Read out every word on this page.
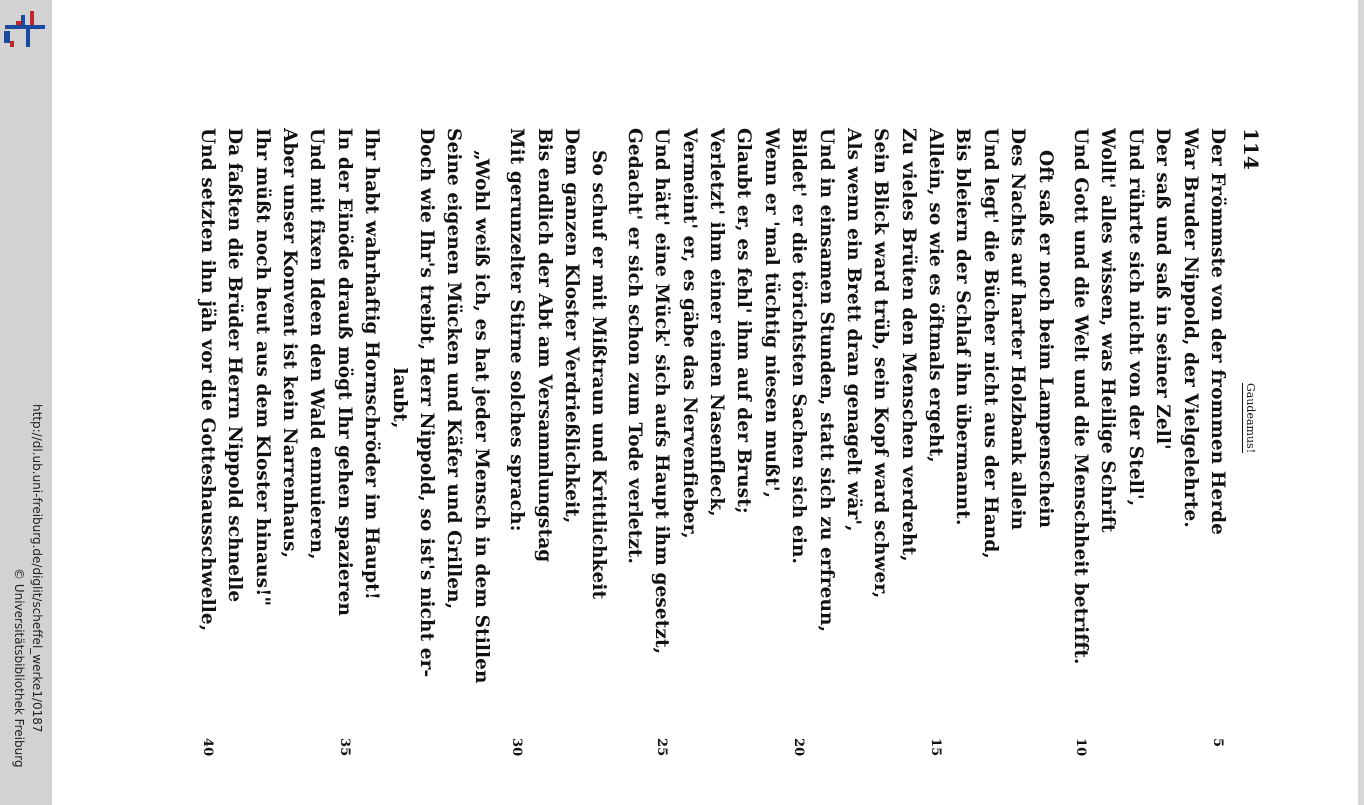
http://dl.ub.uni-freiburg.de/diglit/scheffel_werke1/0187
© Universitätsbibliothek Freiburg
114
Gaudeamus!
Der Frömmste von der frommen Herde
5
War Bruder Nippold, der Vielgelehrte.
Der saß und saß in seiner Zell'
Und rührte sich nicht von der Stell',
Wollt' alles wissen, was Heilige Schrift
Und Gott und die Welt und die Menschheit betrifft.
10
Oft saß er noch beim Lampenschein
Des Nachts auf harter Holzbank allein
Und legt' die Bücher nicht aus der Hand,
Bis bleiern der Schlaf ihn übermannt.
Allein, so wie es öftmals ergeht,
15
Zu vieles Brüten den Menschen verdreht,
Sein Blick ward trüb, sein Kopf ward schwer,
Als wenn ein Brett dran genagelt wär',
Und in einsamen Stunden, statt sich zu erfreun,
Bildet' er die törichtsten Sachen sich ein.
20
Wenn er 'mal tüchtig niesen mußt',
Glaubt er, es fehl' ihm auf der Brust;
Verletzt' ihm einer einen Nasenfleck,
Vermeint' er, es gäbe das Nervenfieber,
Und hätt' eine Mück' sich aufs Haupt ihm gesetzt,
25
Gedacht' er sich schon zum Tode verletzt.
So schuf er mit Mißtraun und Krittlichkeit
Dem ganzen Kloster Verdrießlichkeit,
Bis endlich der Abt am Versammlungstag
Mit gerunzelter Stirne solches sprach:
30
„Wohl weiß ich, es hat jeder Mensch in dem Stillen
Seine eigenen Mücken und Käfer und Grillen,
Doch wie Ihr's treibt, Herr Nippold, so ist's nicht er-
laubt,
Ihr habt wahrhaftig Hornschröder im Haupt!
In der Einöde drauß mögt Ihr gehen spazieren
35
Und mit fixen Ideen den Wald ennuieren,
Aber unser Konvent ist kein Narrenhaus,
Ihr müßt noch heut aus dem Kloster hinaus!"
Da faßten die Brüder Herrn Nippold schnelle
Und setzten ihn jäh vor die Gotteshausschwelle,
40
